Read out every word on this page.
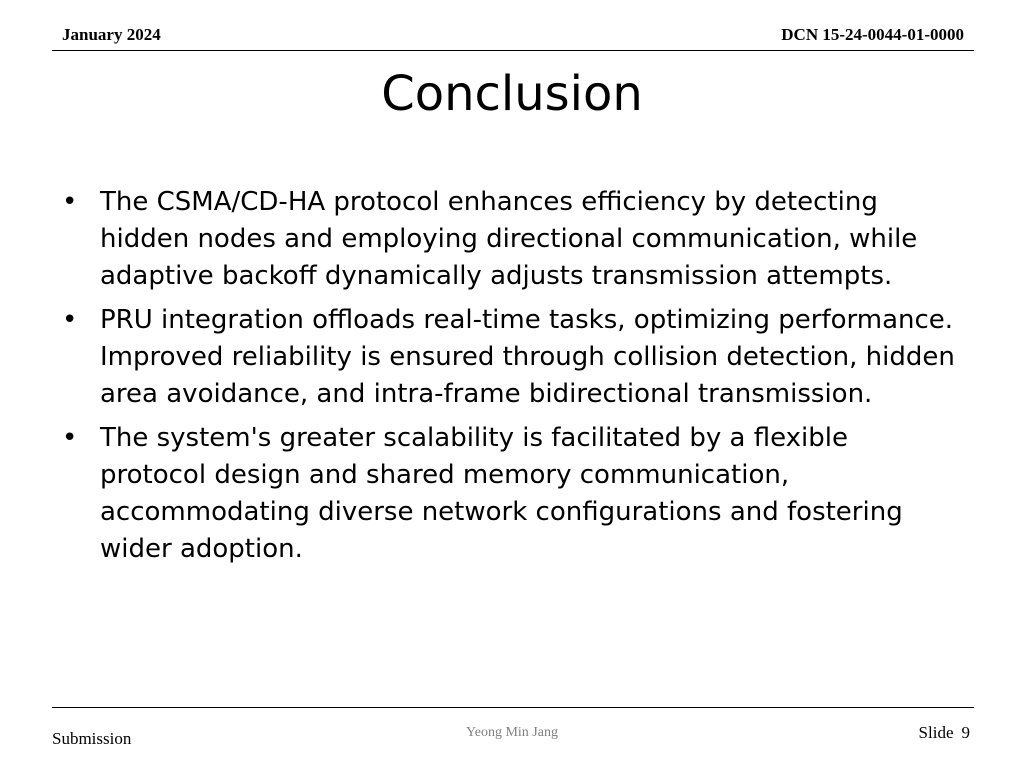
January 2024	DCN 15-24-0044-01-0000
Conclusion
• The CSMA/CD-HA protocol enhances efficiency by detecting hidden nodes and employing directional communication, while adaptive backoff dynamically adjusts transmission attempts.
• PRU integration offloads real-time tasks, optimizing performance. Improved reliability is ensured through collision detection, hidden area avoidance, and intra-frame bidirectional transmission.
• The system's greater scalability is facilitated by a flexible protocol design and shared memory communication, accommodating diverse network configurations and fostering wider adoption.
Submission	Yeong Min Jang	Slide 9
